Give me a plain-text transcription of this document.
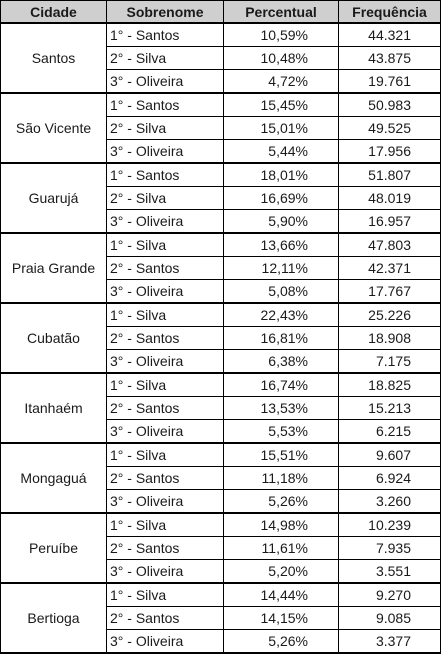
Cidade	Sobrenome	Percentual	Frequência
Santos	1° - Santos	10,59%	44.321
	2° - Silva	10,48%	43.875
	3° - Oliveira	4,72%	19.761
São Vicente	1° - Santos	15,45%	50.983
	2° - Silva	15,01%	49.525
	3° - Oliveira	5,44%	17.956
Guarujá	1° - Santos	18,01%	51.807
	2° - Silva	16,69%	48.019
	3° - Oliveira	5,90%	16.957
Praia Grande	1° - Silva	13,66%	47.803
	2° - Santos	12,11%	42.371
	3° - Oliveira	5,08%	17.767
Cubatão	1° - Silva	22,43%	25.226
	2° - Santos	16,81%	18.908
	3° - Oliveira	6,38%	7.175
Itanhaém	1° - Silva	16,74%	18.825
	2° - Santos	13,53%	15.213
	3° - Oliveira	5,53%	6.215
Mongaguá	1° - Silva	15,51%	9.607
	2° - Santos	11,18%	6.924
	3° - Oliveira	5,26%	3.260
Peruíbe	1° - Silva	14,98%	10.239
	2° - Santos	11,61%	7.935
	3° - Oliveira	5,20%	3.551
Bertioga	1° - Silva	14,44%	9.270
	2° - Santos	14,15%	9.085
	3° - Oliveira	5,26%	3.377
